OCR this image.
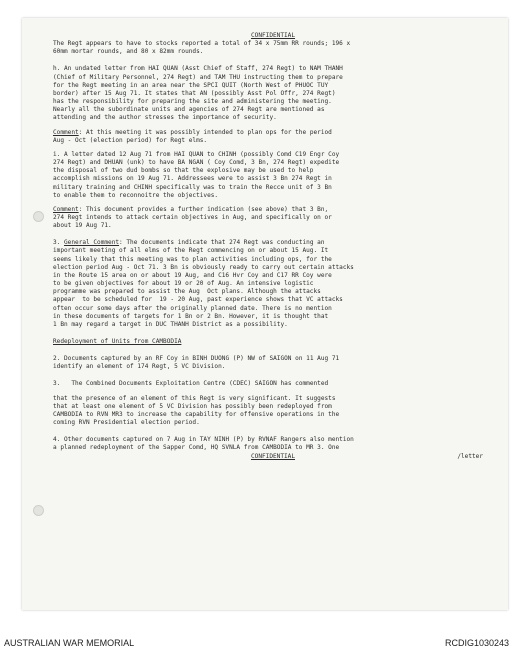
CONFIDENTIAL
The Regt appears to have to stocks reported a total of 34 x 75mm RR rounds; 196 x
60mm mortar rounds, and 80 x 82mm rounds.
h. An undated letter from HAI QUAN (Asst Chief of Staff, 274 Regt) to NAM THANH
(Chief of Military Personnel, 274 Regt) and TAM THU instructing them to prepare
for the Regt meeting in an area near the SPCI QUIT (North West of PHUOC TUY
border) after 15 Aug 71. It states that AN (possibly Asst Pol Offr, 274 Regt)
has the responsibility for preparing the site and administering the meeting.
Nearly all the subordinate units and agencies of 274 Regt are mentioned as
attending and the author stresses the importance of security.
Comment: At this meeting it was possibly intended to plan ops for the period
Aug - Oct (election period) for Regt elms.
i. A letter dated 12 Aug 71 from HAI QUAN to CHINH (possibly Comd C19 Engr Coy
274 Regt) and DHUAN (unk) to have BA NGAN ( Coy Comd, 3 Bn, 274 Regt) expedite
the disposal of two dud bombs so that the explosive may be used to help
accomplish missions on 19 Aug 71. Addressees were to assist 3 Bn 274 Regt in
military training and CHINH specifically was to train the Recce unit of 3 Bn
to enable them to reconnoitre the objectives.
Comment: This document provides a further indication (see above) that 3 Bn,
274 Regt intends to attack certain objectives in Aug, and specifically on or
about 19 Aug 71.
3. General Comment: The documents indicate that 274 Regt was conducting an
important meeting of all elms of the Regt commencing on or about 15 Aug. It
seems likely that this meeting was to plan activities including ops, for the
election period Aug - Oct 71. 3 Bn is obviously ready to carry out certain attacks
in the Route 15 area on or about 19 Aug, and C16 Hvr Coy and C17 RR Coy were
to be given objectives for about 19 or 20 of Aug. An intensive logistic
programme was prepared to assist the Aug  Oct plans. Although the attacks
appear  to be scheduled for  19 - 20 Aug, past experience shows that VC attacks
often occur some days after the originally planned date. There is no mention
in these documents of targets for 1 Bn or 2 Bn. However, it is thought that
1 Bn may regard a target in DUC THANH District as a possibility.
Redeployment of Units from CAMBODIA
2. Documents captured by an RF Coy in BINH DUONG (P) NW of SAIGON on 11 Aug 71
identify an element of 174 Regt, 5 VC Division.
3. The Combined Documents Exploitation Centre (CDEC) SAIGON has commented
that the presence of an element of this Regt is very significant. It suggests
that at least one element of 5 VC Division has possibly been redeployed from
CAMBODIA to RVN MR3 to increase the capability for offensive operations in the
coming RVN Presidential election period.
4. Other documents captured on 7 Aug in TAY NINH (P) by RVNAF Rangers also mention
a planned redeployment of the Sapper Comd, HQ SVNLA from CAMBODIA to MR 3. One
/letter
CONFIDENTIAL
AUSTRALIAN WAR MEMORIAL	RCDIG1030243
